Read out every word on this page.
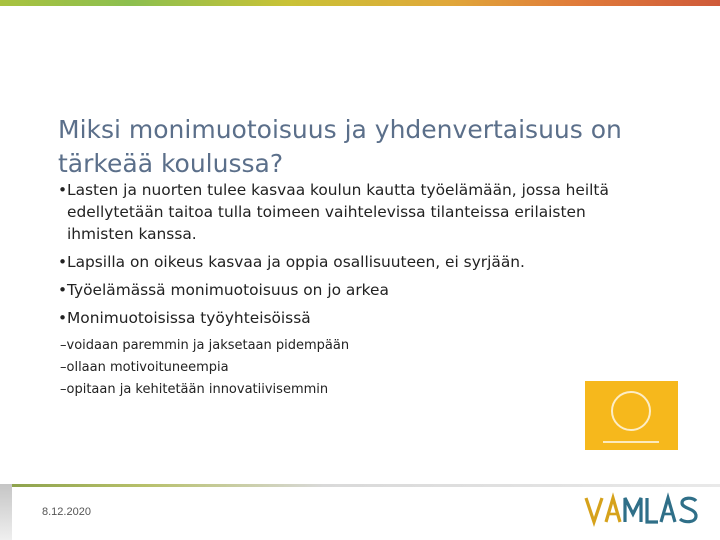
Miksi monimuotoisuus ja yhdenvertaisuus on tärkeää koulussa?
• Lasten ja nuorten tulee kasvaa koulun kautta työelämään, jossa heiltä edellytetään taitoa tulla toimeen vaihtelevissa tilanteissa erilaisten ihmisten kanssa.
• Lapsilla on oikeus kasvaa ja oppia osallisuuteen, ei syrjään.
• Työelämässä monimuotoisuus on jo arkea
• Monimuotoisissa työyhteisöissä
–voidaan paremmin ja jaksetaan pidempään
–ollaan motivoituneempia
–opitaan ja kehitetään innovatiivisemmin
8.12.2020
